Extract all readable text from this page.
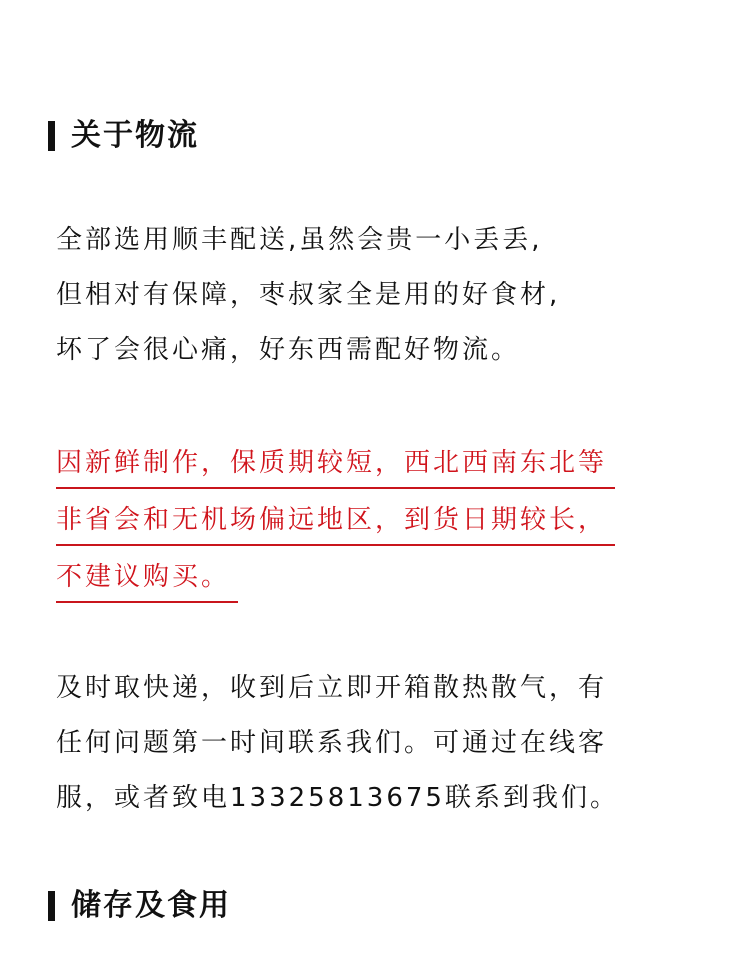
关于物流
全部选用顺丰配送,虽然会贵一小丢丢,
但相对有保障，枣叔家全是用的好食材,
坏了会很心痛，好东西需配好物流。
因新鲜制作，保质期较短，西北西南东北等
非省会和无机场偏远地区，到货日期较长，
不建议购买。
及时取快递，收到后立即开箱散热散气，有
任何问题第一时间联系我们。可通过在线客
服，或者致电13325813675联系到我们。
储存及食用
